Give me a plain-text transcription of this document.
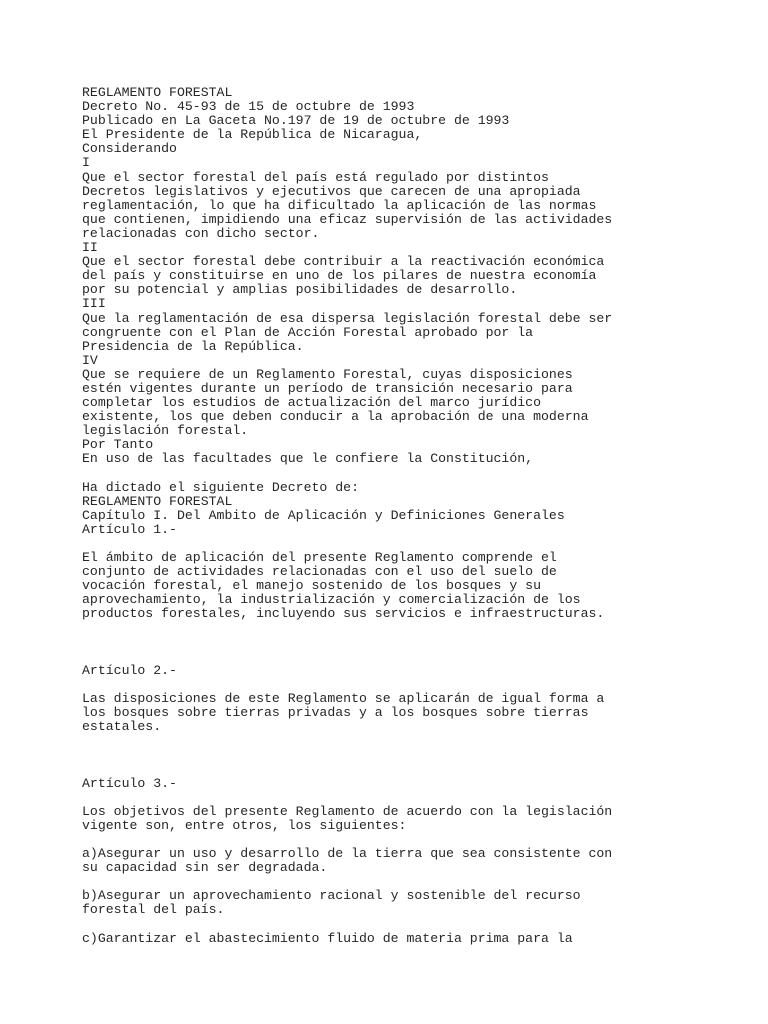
REGLAMENTO FORESTAL
Decreto No. 45-93 de 15 de octubre de 1993
Publicado en La Gaceta No.197 de 19 de octubre de 1993
El Presidente de la República de Nicaragua,
Considerando
I
Que el sector forestal del país está regulado por distintos
Decretos legislativos y ejecutivos que carecen de una apropiada
reglamentación, lo que ha dificultado la aplicación de las normas
que contienen, impidiendo una eficaz supervisión de las actividades
relacionadas con dicho sector.
II
Que el sector forestal debe contribuir a la reactivación económica
del país y constituirse en uno de los pilares de nuestra economía
por su potencial y amplias posibilidades de desarrollo.
III
Que la reglamentación de esa dispersa legislación forestal debe ser
congruente con el Plan de Acción Forestal aprobado por la
Presidencia de la República.
IV
Que se requiere de un Reglamento Forestal, cuyas disposiciones
estén vigentes durante un período de transición necesario para
completar los estudios de actualización del marco jurídico
existente, los que deben conducir a la aprobación de una moderna
legislación forestal.
Por Tanto
En uso de las facultades que le confiere la Constitución,
Ha dictado el siguiente Decreto de:
REGLAMENTO FORESTAL
Capítulo I. Del Ambito de Aplicación y Definiciones Generales
Artículo 1.-
El ámbito de aplicación del presente Reglamento comprende el
conjunto de actividades relacionadas con el uso del suelo de
vocación forestal, el manejo sostenido de los bosques y su
aprovechamiento, la industrialización y comercialización de los
productos forestales, incluyendo sus servicios e infraestructuras.
Artículo 2.-
Las disposiciones de este Reglamento se aplicarán de igual forma a
los bosques sobre tierras privadas y a los bosques sobre tierras
estatales.
Artículo 3.-
Los objetivos del presente Reglamento de acuerdo con la legislación
vigente son, entre otros, los siguientes:
a)Asegurar un uso y desarrollo de la tierra que sea consistente con
su capacidad sin ser degradada.
b)Asegurar un aprovechamiento racional y sostenible del recurso
forestal del país.
c)Garantizar el abastecimiento fluido de materia prima para la
